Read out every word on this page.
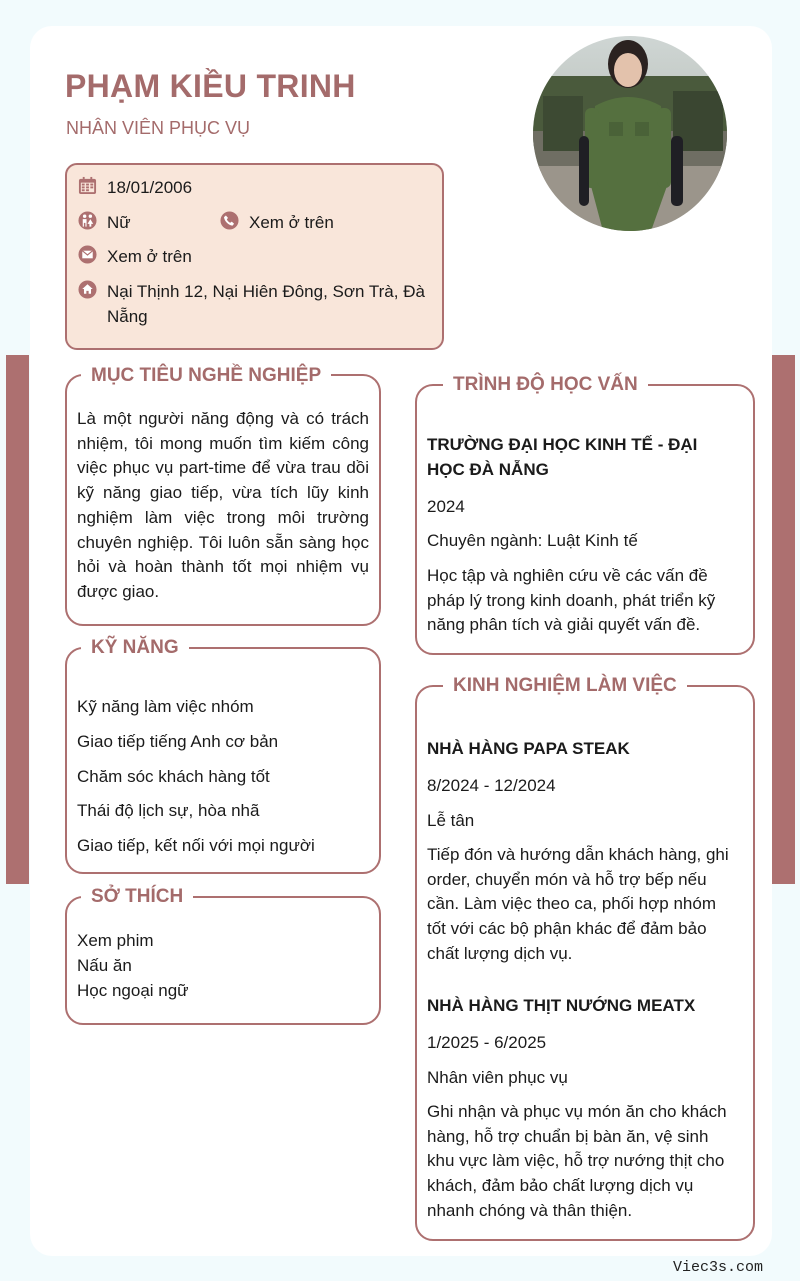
PHẠM KIỀU TRINH
NHÂN VIÊN PHỤC VỤ
18/01/2006
Nữ	Xem ở trên
Xem ở trên
Nại Thịnh 12, Nại Hiên Đông, Sơn Trà, Đà Nẵng
MỤC TIÊU NGHỀ NGHIỆP
Là một người năng động và có trách nhiệm, tôi mong muốn tìm kiếm công việc phục vụ part-time để vừa trau dồi kỹ năng giao tiếp, vừa tích lũy kinh nghiệm làm việc trong môi trường chuyên nghiệp. Tôi luôn sẵn sàng học hỏi và hoàn thành tốt mọi nhiệm vụ được giao.
KỸ NĂNG
Kỹ năng làm việc nhóm
Giao tiếp tiếng Anh cơ bản
Chăm sóc khách hàng tốt
Thái độ lịch sự, hòa nhã
Giao tiếp, kết nối với mọi người
SỞ THÍCH
Xem phim
Nấu ăn
Học ngoại ngữ
TRÌNH ĐỘ HỌC VẤN
TRƯỜNG ĐẠI HỌC KINH TẾ - ĐẠI HỌC ĐÀ NẴNG
2024
Chuyên ngành: Luật Kinh tế
Học tập và nghiên cứu về các vấn đề pháp lý trong kinh doanh, phát triển kỹ năng phân tích và giải quyết vấn đề.
KINH NGHIỆM LÀM VIỆC
NHÀ HÀNG PAPA STEAK
8/2024 - 12/2024
Lễ tân
Tiếp đón và hướng dẫn khách hàng, ghi order, chuyển món và hỗ trợ bếp nếu cần. Làm việc theo ca, phối hợp nhóm tốt với các bộ phận khác để đảm bảo chất lượng dịch vụ.
NHÀ HÀNG THỊT NƯỚNG MEATX
1/2025 - 6/2025
Nhân viên phục vụ
Ghi nhận và phục vụ món ăn cho khách hàng, hỗ trợ chuẩn bị bàn ăn, vệ sinh khu vực làm việc, hỗ trợ nướng thịt cho khách, đảm bảo chất lượng dịch vụ nhanh chóng và thân thiện.
Viec3s.com
